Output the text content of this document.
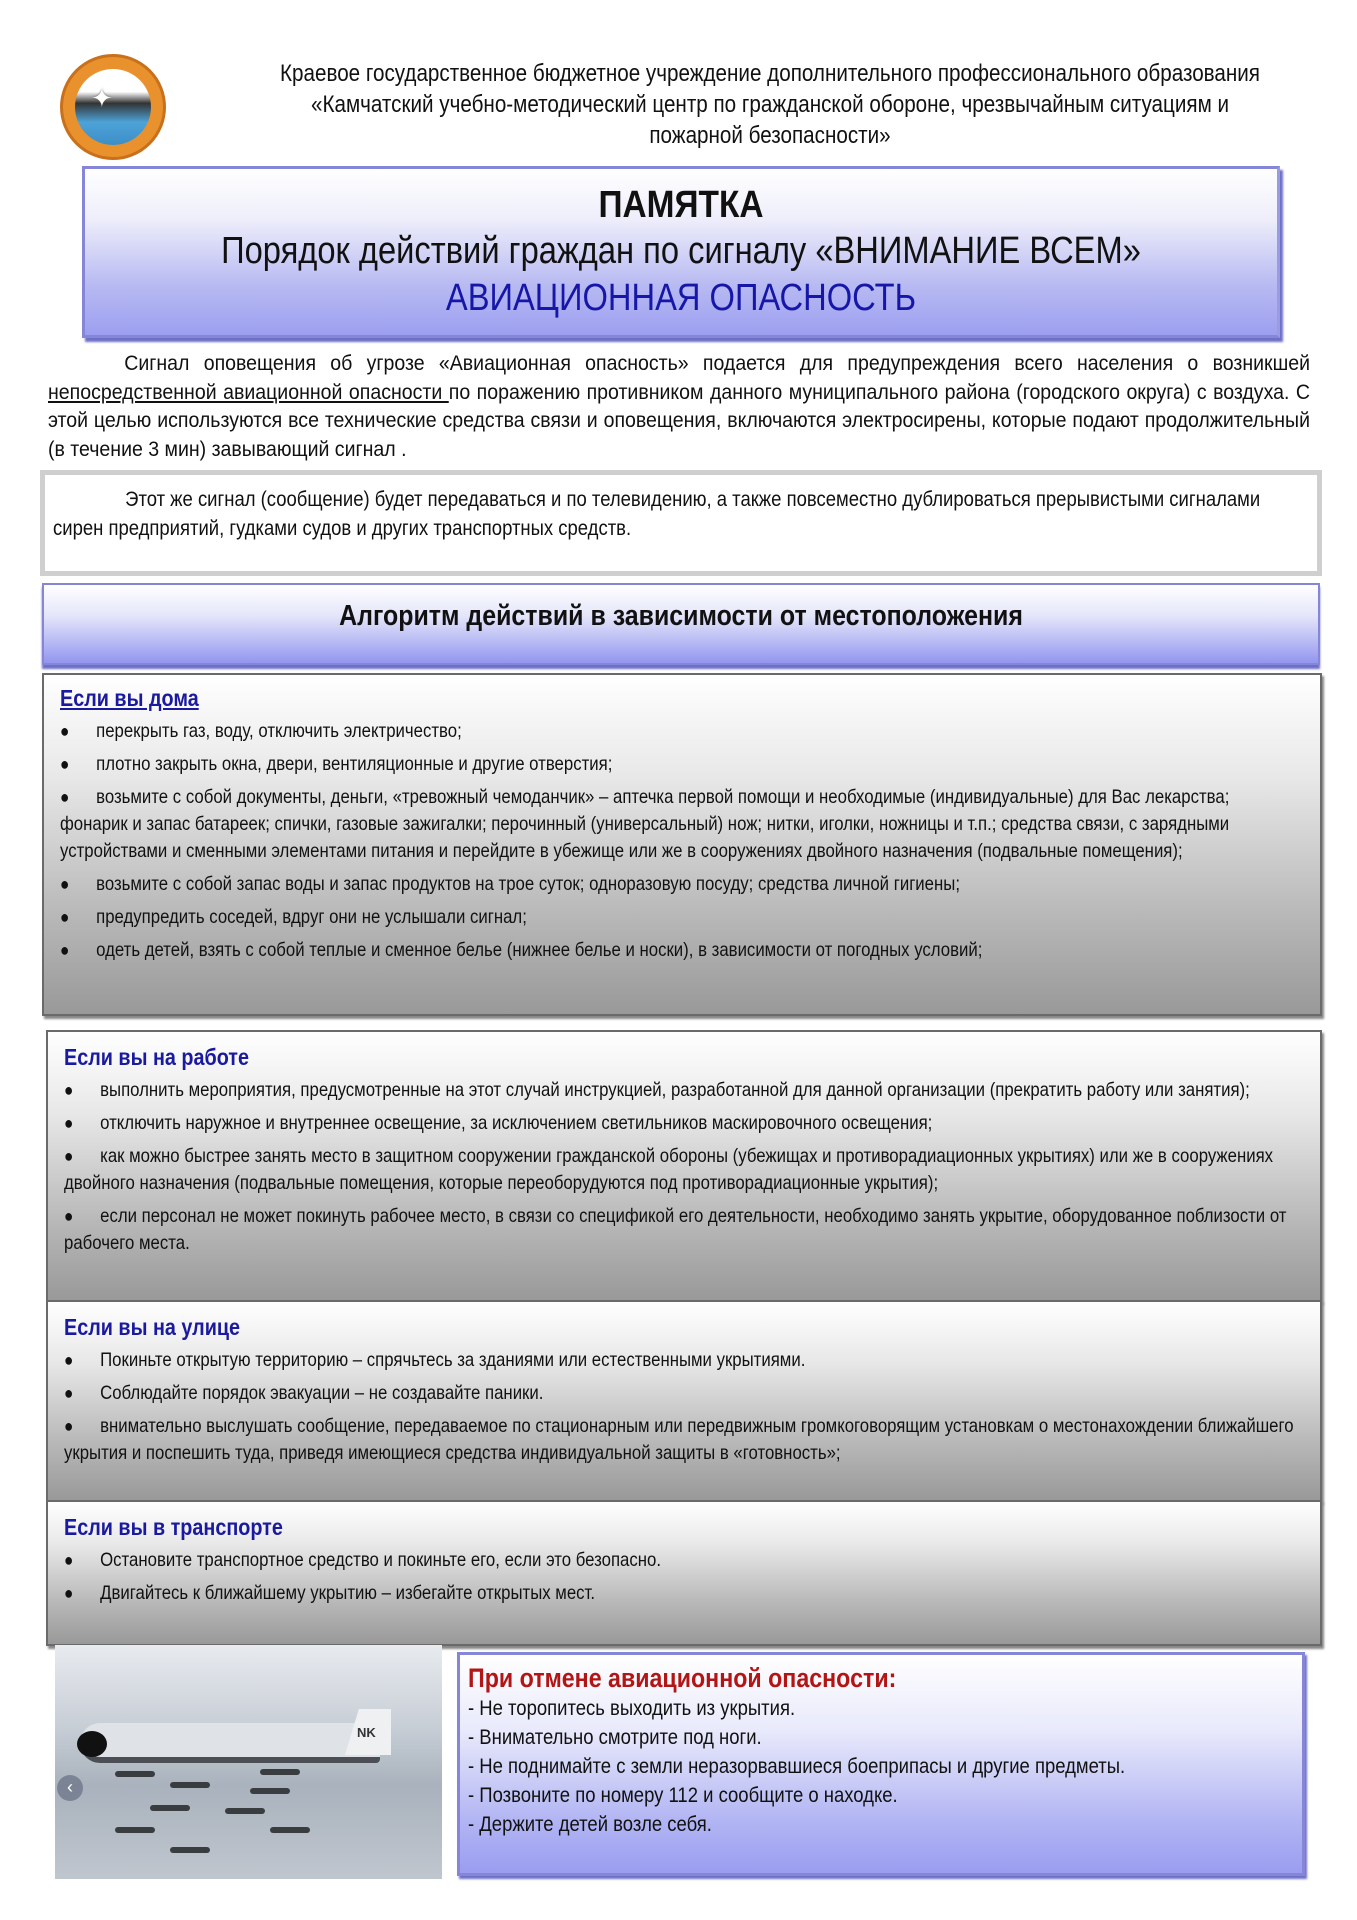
✦
Краевое государственное бюджетное учреждение дополнительного профессионального образования
«Камчатский учебно-методический центр по гражданской обороне, чрезвычайным ситуациям и
пожарной безопасности»
ПАМЯТКА
Порядок действий граждан по сигналу «ВНИМАНИЕ ВСЕМ»
АВИАЦИОННАЯ ОПАСНОСТЬ
Сигнал оповещения об угрозе «Авиационная опасность» подается для предупреждения всего населения о возникшей непосредственной авиационной опасности по поражению противником данного муниципального района (городского округа) с воздуха. С этой целью используются все технические средства связи и оповещения, включаются электросирены, которые подают продолжительный (в течение 3 мин) завывающий сигнал .
Этот же сигнал (сообщение) будет передаваться и по телевидению, а также повсеместно дублироваться прерывистыми сигналами сирен предприятий, гудками судов и других транспортных средств.
Алгоритм действий в зависимости от местоположения
Если вы дома
● перекрыть газ, воду, отключить электричество;
● плотно закрыть окна, двери, вентиляционные и другие отверстия;
● возьмите с собой документы, деньги, «тревожный чемоданчик» – аптечка первой помощи и необходимые (индивидуальные) для Вас лекарства; фонарик и запас батареек; спички, газовые зажигалки; перочинный (универсальный) нож; нитки, иголки, ножницы и т.п.; средства связи, с зарядными устройствами и сменными элементами питания и перейдите в убежище или же в сооружениях двойного назначения (подвальные помещения);
● возьмите с собой запас воды и запас продуктов на трое суток; одноразовую посуду; средства личной гигиены;
● предупредить соседей, вдруг они не услышали сигнал;
● одеть детей, взять с собой теплые и сменное белье (нижнее белье и носки), в зависимости от погодных условий;
Если вы на работе
● выполнить мероприятия, предусмотренные на этот случай инструкцией, разработанной для данной организации (прекратить работу или занятия);
● отключить наружное и внутреннее освещение, за исключением светильников маскировочного освещения;
● как можно быстрее занять место в защитном сооружении гражданской обороны (убежищах и противорадиационных укрытиях) или же в сооружениях двойного назначения (подвальные помещения, которые переоборудуются под противорадиационные укрытия);
● если персонал не может покинуть рабочее место, в связи со спецификой его деятельности, необходимо занять укрытие, оборудованное поблизости от рабочего места.
Если вы на улице
● Покиньте открытую территорию – спрячьтесь за зданиями или естественными укрытиями.
● Соблюдайте порядок эвакуации – не создавайте паники.
● внимательно выслушать сообщение, передаваемое по стационарным или передвижным громкоговорящим установкам о местонахождении ближайшего укрытия и поспешить туда, приведя имеющиеся средства индивидуальной защиты в «готовность»;
Если вы в транспорте
● Остановите транспортное средство и покиньте его, если это безопасно.
● Двигайтесь к ближайшему укрытию – избегайте открытых мест.
NK
‹
При отмене авиационной опасности:
- Не торопитесь выходить из укрытия.
- Внимательно смотрите под ноги.
- Не поднимайте с земли неразорвавшиеся боеприпасы и другие предметы.
- Позвоните по номеру 112 и сообщите о находке.
- Держите детей возле себя.
